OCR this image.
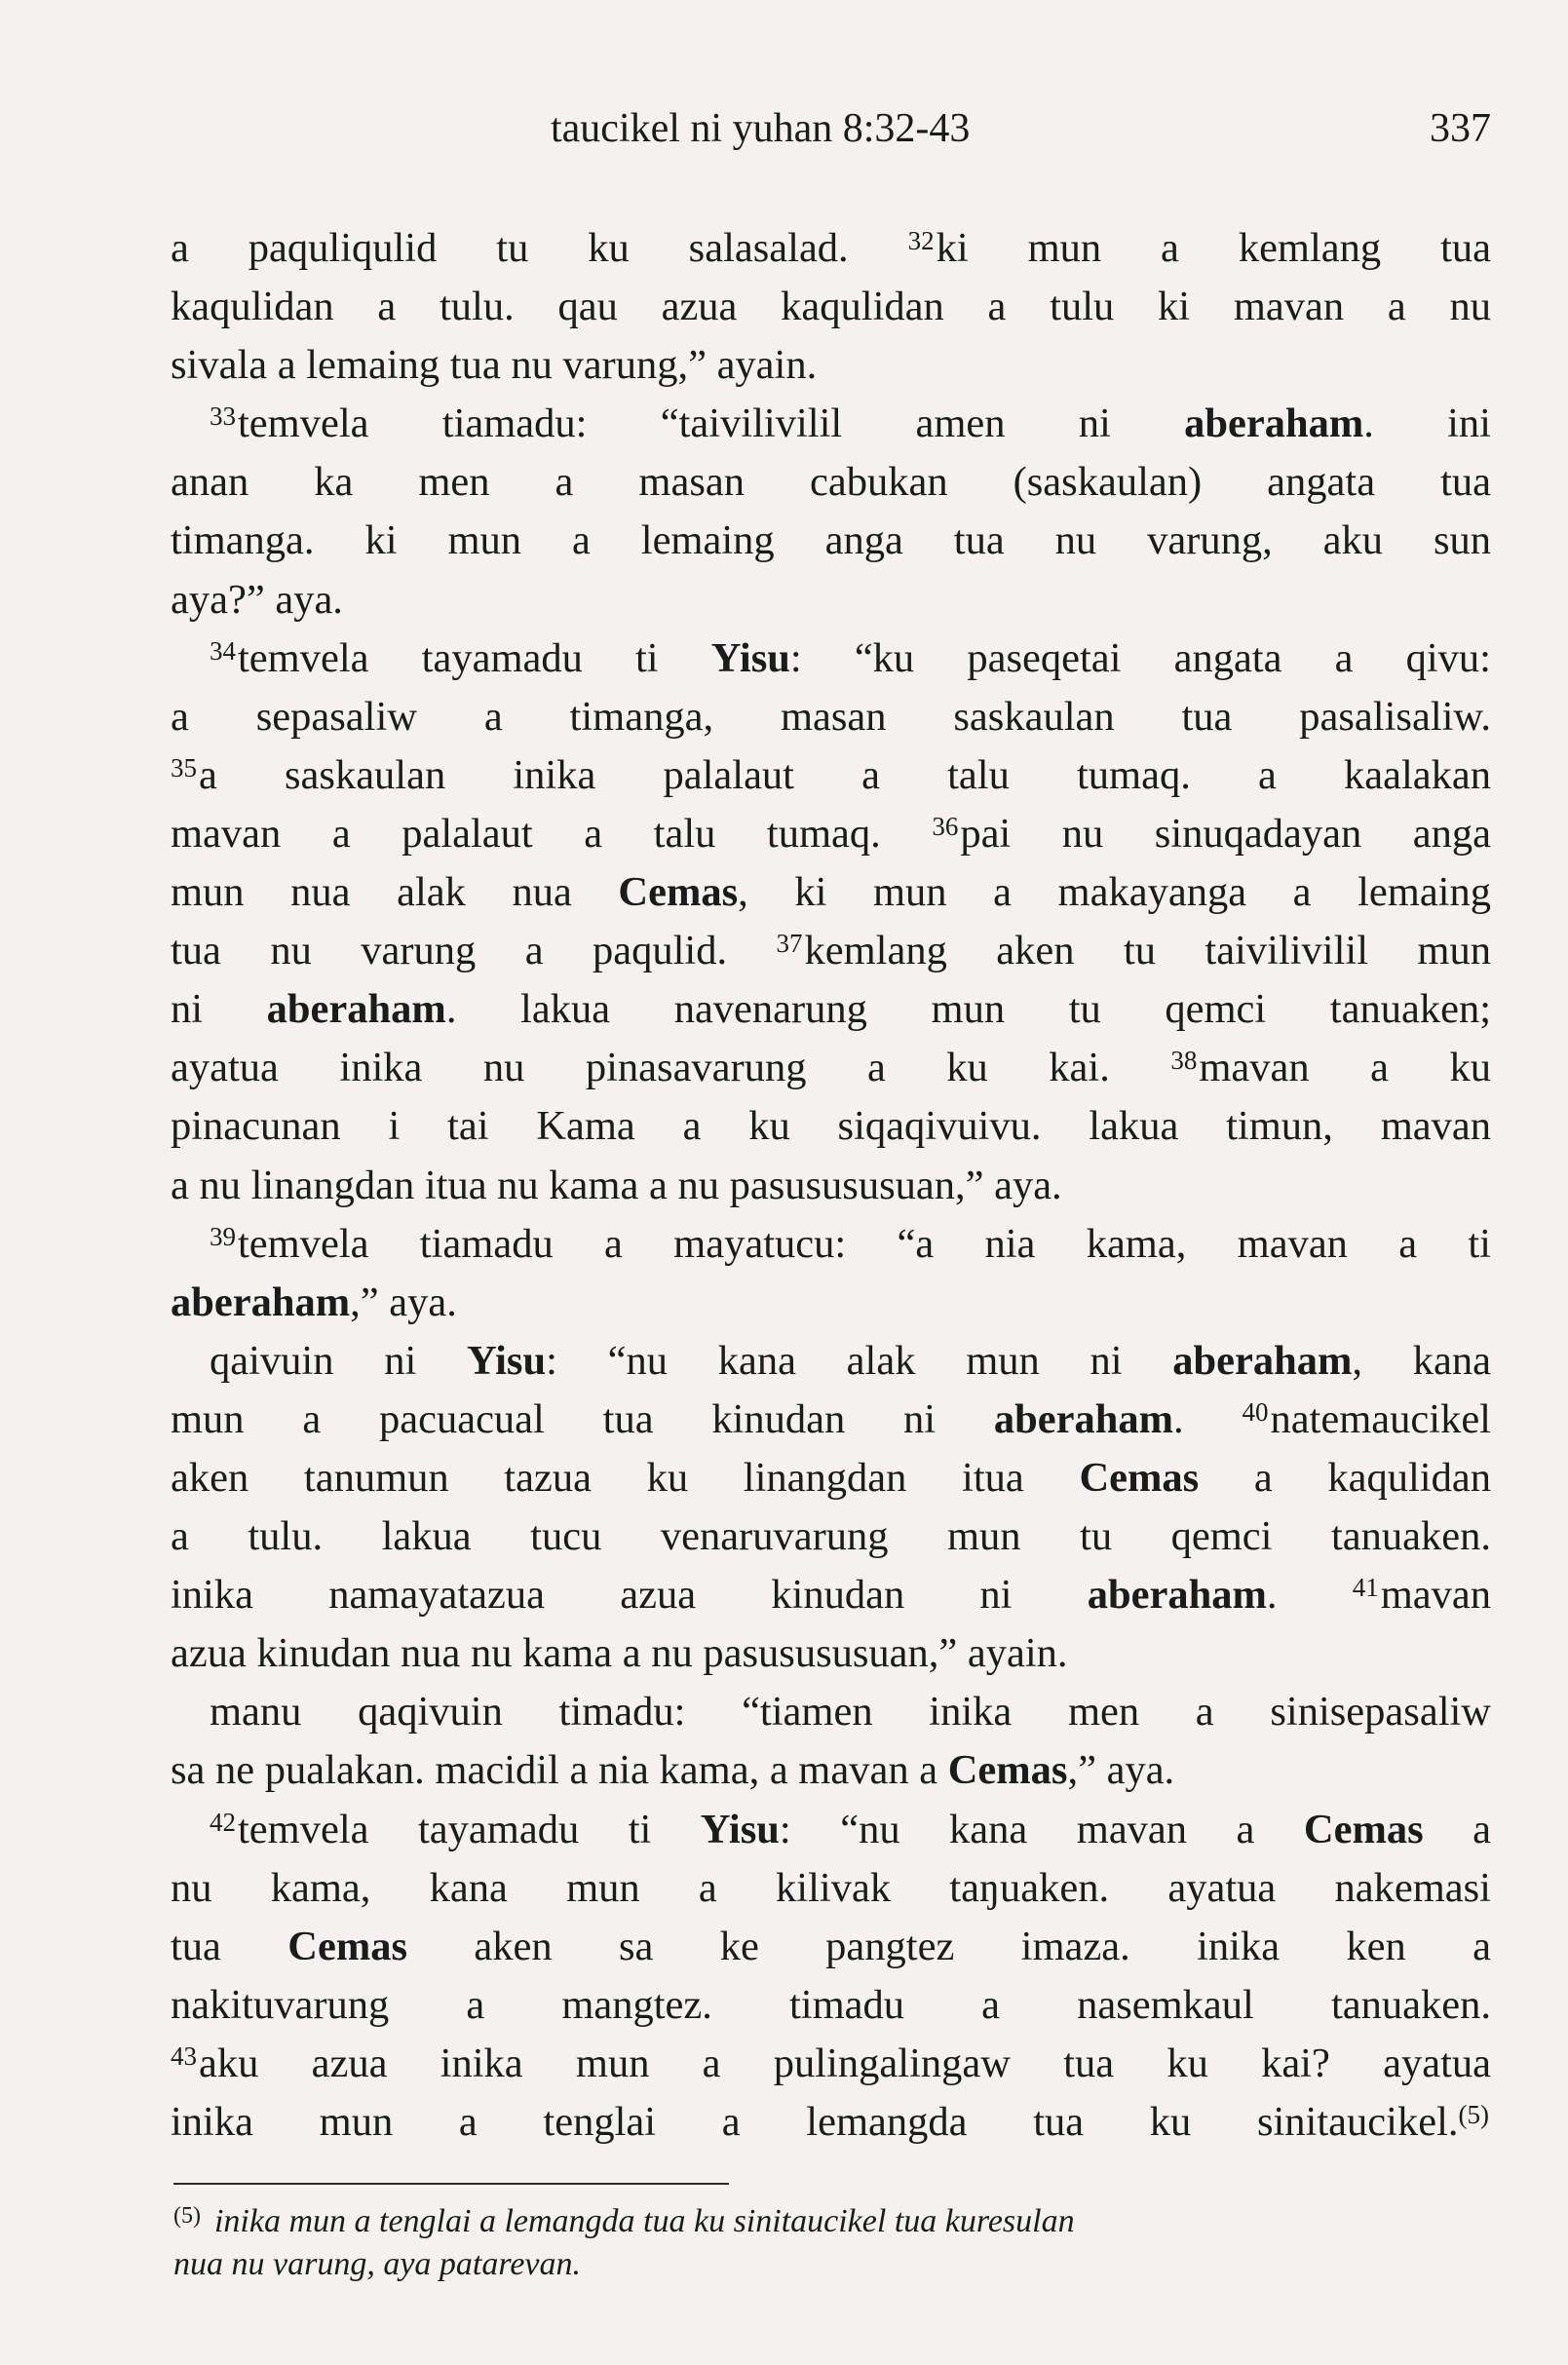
taucikel ni yuhan 8:32-43	337
a paquliqulid tu ku salasalad. $^{32}$ki mun a kemlang tua
kaqulidan a tulu. qau azua kaqulidan a tulu ki mavan a nu
sivala a lemaing tua nu varung,” ayain.
$^{33}$temvela tiamadu: “taivilivilil amen ni aberaham. ini
anan ka men a masan cabukan (saskaulan) angata tua
timanga. ki mun a lemaing anga tua nu varung, aku sun
aya?” aya.
$^{34}$temvela tayamadu ti Yisu: “ku paseqetai angata a qivu:
a sepasaliw a timanga, masan saskaulan tua pasalisaliw.
$^{35}$a saskaulan inika palalaut a talu tumaq. a kaalakan
mavan a palalaut a talu tumaq. $^{36}$pai nu sinuqadayan anga
mun nua alak nua Cemas, ki mun a makayanga a lemaing
tua nu varung a paqulid. $^{37}$kemlang aken tu taivilivilil mun
ni aberaham. lakua navenarung mun tu qemci tanuaken;
ayatua inika nu pinasavarung a ku kai. $^{38}$mavan a ku
pinacunan i tai Kama a ku siqaqivuivu. lakua timun, mavan
a nu linangdan itua nu kama a nu pasusususuan,” aya.
$^{39}$temvela tiamadu a mayatucu: “a nia kama, mavan a ti
aberaham,” aya.
qaivuin ni Yisu: “nu kana alak mun ni aberaham, kana
mun a pacuacual tua kinudan ni aberaham. $^{40}$natemaucikel
aken tanumun tazua ku linangdan itua Cemas a kaqulidan
a tulu. lakua tucu venaruvarung mun tu qemci tanuaken.
inika namayatazua azua kinudan ni aberaham. $^{41}$mavan
azua kinudan nua nu kama a nu pasusususuan,” ayain.
manu qaqivuin timadu: “tiamen inika men a sinisepasaliw
sa ne pualakan. macidil a nia kama, a mavan a Cemas,” aya.
$^{42}$temvela tayamadu ti Yisu: “nu kana mavan a Cemas a
nu kama, kana mun a kilivak taŋuaken. ayatua nakemasi
tua Cemas aken sa ke pangtez imaza. inika ken a
nakituvarung a mangtez. timadu a nasemkaul tanuaken.
$^{43}$aku azua inika mun a pulingalingaw tua ku kai? ayatua
inika mun a tenglai a lemangda tua ku sinitaucikel.$^{(5)}$
$^{(5)}$ inika mun a tenglai a lemangda tua ku sinitaucikel tua kuresulan
nua nu varung, aya patarevan.
